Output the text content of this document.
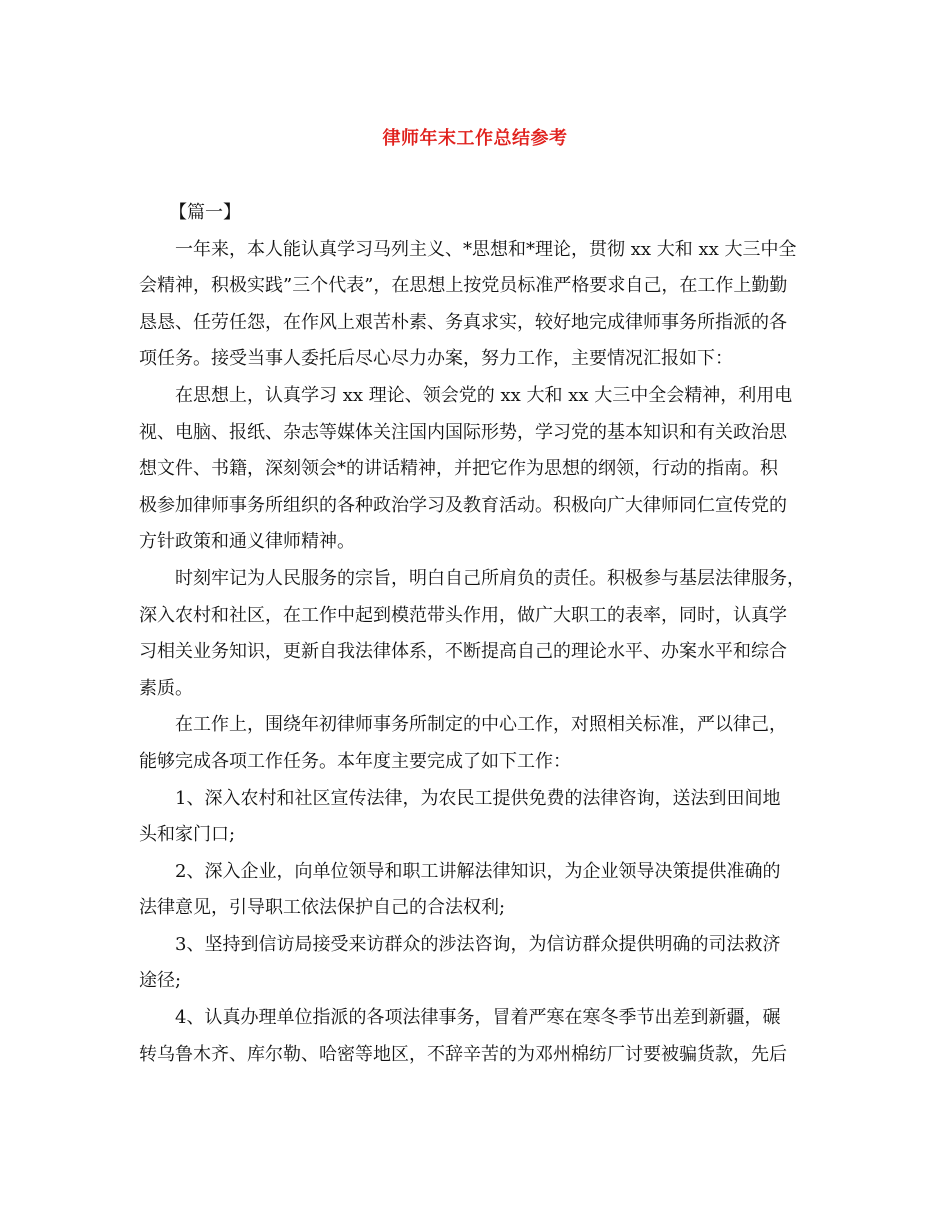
律师年末工作总结参考
【篇一】
一年来，本人能认真学习马列主义、*思想和*理论，贯彻 xx 大和 xx 大三中全
会精神，积极实践”三个代表”，在思想上按党员标准严格要求自己，在工作上勤勤
恳恳、任劳任怨，在作风上艰苦朴素、务真求实，较好地完成律师事务所指派的各
项任务。接受当事人委托后尽心尽力办案，努力工作，主要情况汇报如下：
在思想上，认真学习 xx 理论、领会党的 xx 大和 xx 大三中全会精神，利用电
视、电脑、报纸、杂志等媒体关注国内国际形势，学习党的基本知识和有关政治思
想文件、书籍，深刻领会*的讲话精神，并把它作为思想的纲领，行动的指南。积
极参加律师事务所组织的各种政治学习及教育活动。积极向广大律师同仁宣传党的
方针政策和通义律师精神。
时刻牢记为人民服务的宗旨，明白自己所肩负的责任。积极参与基层法律服务，
深入农村和社区，在工作中起到模范带头作用，做广大职工的表率，同时，认真学
习相关业务知识，更新自我法律体系，不断提高自己的理论水平、办案水平和综合
素质。
在工作上，围绕年初律师事务所制定的中心工作，对照相关标准，严以律己，
能够完成各项工作任务。本年度主要完成了如下工作：
1、深入农村和社区宣传法律，为农民工提供免费的法律咨询，送法到田间地
头和家门口;
2、深入企业，向单位领导和职工讲解法律知识，为企业领导决策提供准确的
法律意见，引导职工依法保护自己的合法权利;
3、坚持到信访局接受来访群众的涉法咨询，为信访群众提供明确的司法救济
途径;
4、认真办理单位指派的各项法律事务，冒着严寒在寒冬季节出差到新疆，碾
转乌鲁木齐、库尔勒、哈密等地区，不辞辛苦的为邓州棉纺厂讨要被骗货款，先后
